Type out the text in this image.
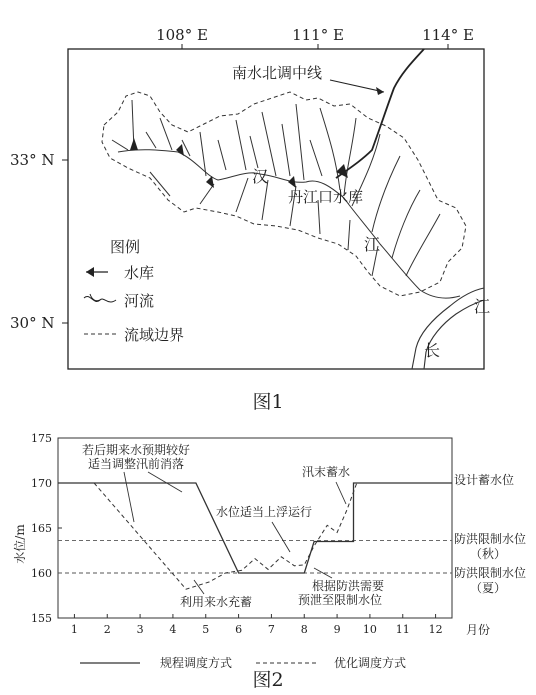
108° E	111° E	114° E
33° N
30° N
南水北调中线
丹江口水库
汉
江
江
长
图例
水库
河流
流域边界
图1
155
160
165
170
175
1 2 3 4 5 6 7 8 9 10 11 12
水位/m
月份
设计蓄水位
防洪限制水位
（秋）
防洪限制水位
（夏）
若后期来水预期较好
适当调整汛前消落
汛末蓄水
水位适当上浮运行
利用来水充蓄
根据防洪需要
预泄至限制水位
规程调度方式	优化调度方式
图2
